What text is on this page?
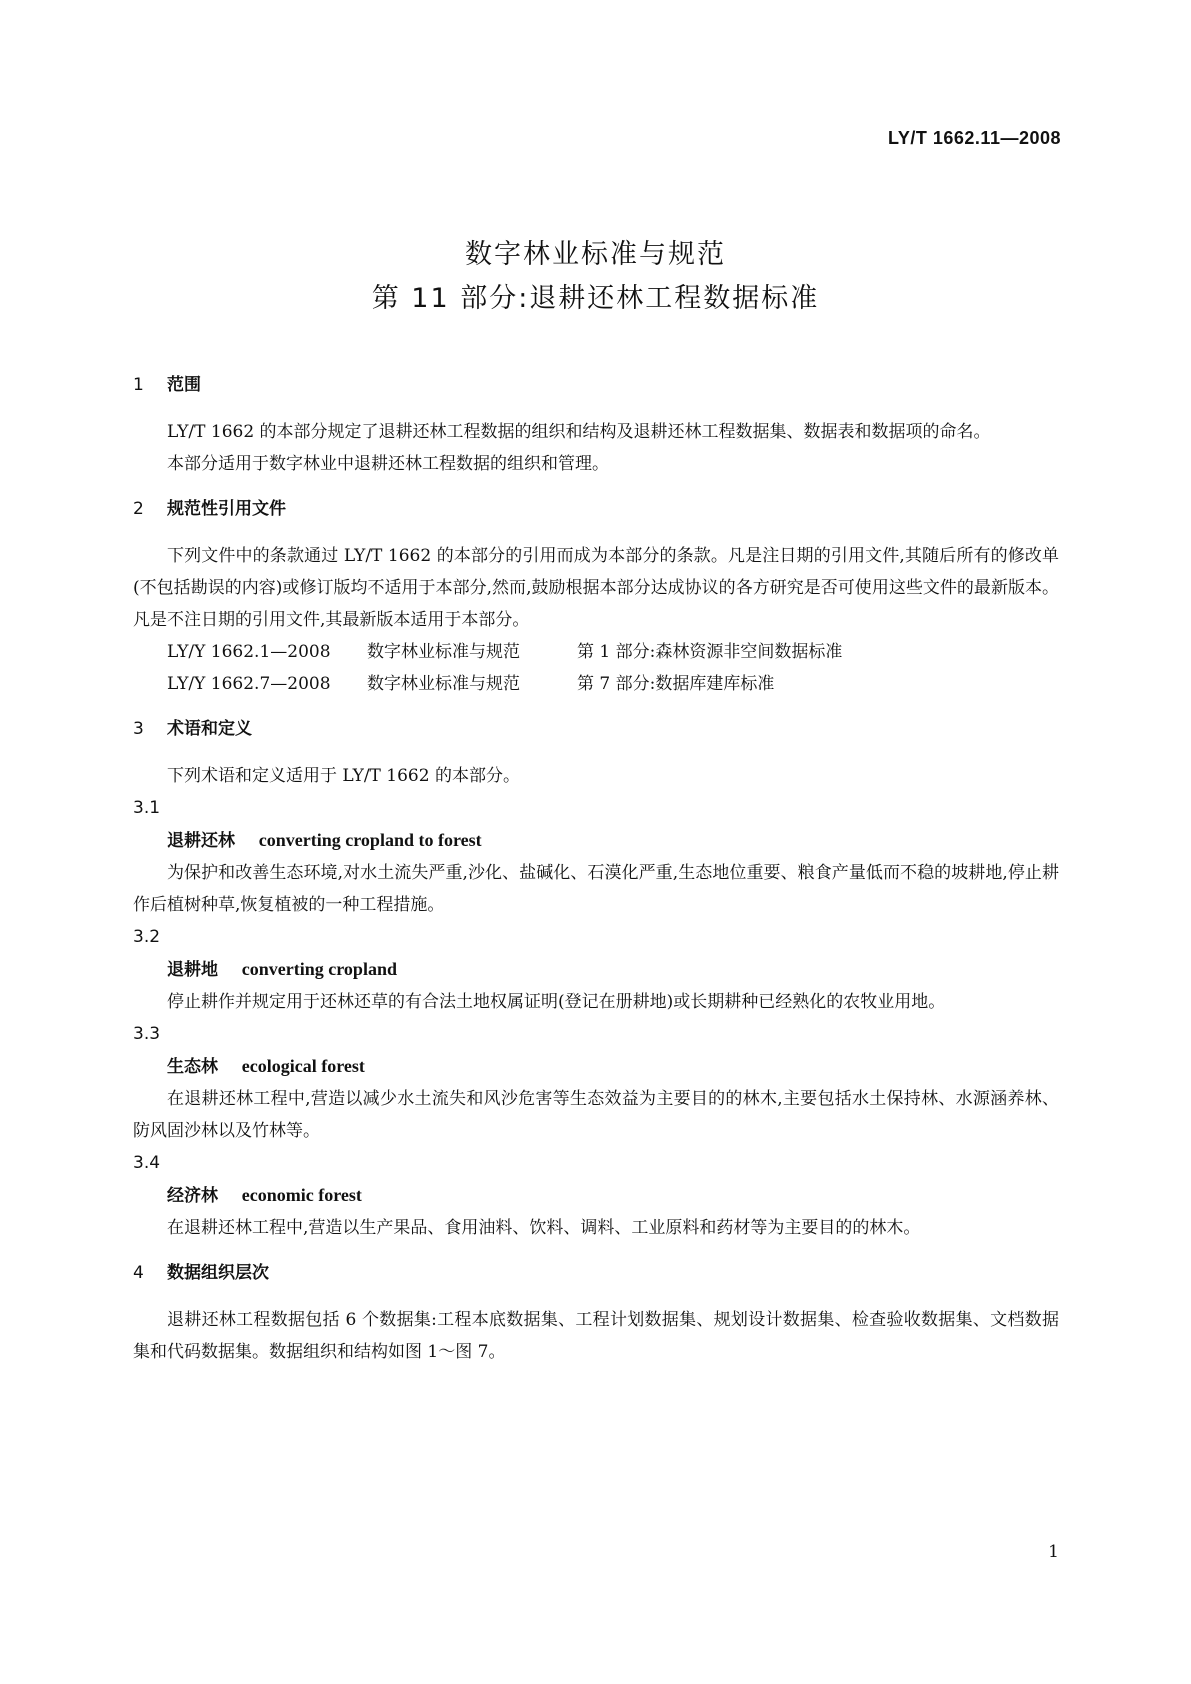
LY/T 1662.11—2008
数字林业标准与规范
第 11 部分:退耕还林工程数据标准
1 范围

LY/T 1662 的本部分规定了退耕还林工程数据的组织和结构及退耕还林工程数据集、数据表和数据项的命名。

本部分适用于数字林业中退耕还林工程数据的组织和管理。

2 规范性引用文件

下列文件中的条款通过 LY/T 1662 的本部分的引用而成为本部分的条款。凡是注日期的引用文件,其随后所有的修改单(不包括勘误的内容)或修订版均不适用于本部分,然而,鼓励根据本部分达成协议的各方研究是否可使用这些文件的最新版本。凡是不注日期的引用文件,其最新版本适用于本部分。

LY/Y 1662.1—2008 数字林业标准与规范	第 1 部分:森林资源非空间数据标准
LY/Y 1662.7—2008 数字林业标准与规范	第 7 部分:数据库建库标准
3 术语和定义

下列术语和定义适用于 LY/T 1662 的本部分。

3.1
退耕还林 converting cropland to forest

为保护和改善生态环境,对水土流失严重,沙化、盐碱化、石漠化严重,生态地位重要、粮食产量低而不稳的坡耕地,停止耕作后植树种草,恢复植被的一种工程措施。

3.2
退耕地 converting cropland

停止耕作并规定用于还林还草的有合法土地权属证明(登记在册耕地)或长期耕种已经熟化的农牧业用地。

3.3
生态林 ecological forest

在退耕还林工程中,营造以减少水土流失和风沙危害等生态效益为主要目的的林木,主要包括水土保持林、水源涵养林、防风固沙林以及竹林等。

3.4
经济林 economic forest

在退耕还林工程中,营造以生产果品、食用油料、饮料、调料、工业原料和药材等为主要目的的林木。

4 数据组织层次

退耕还林工程数据包括 6 个数据集:工程本底数据集、工程计划数据集、规划设计数据集、检查验收数据集、文档数据集和代码数据集。数据组织和结构如图 1～图 7。

1
